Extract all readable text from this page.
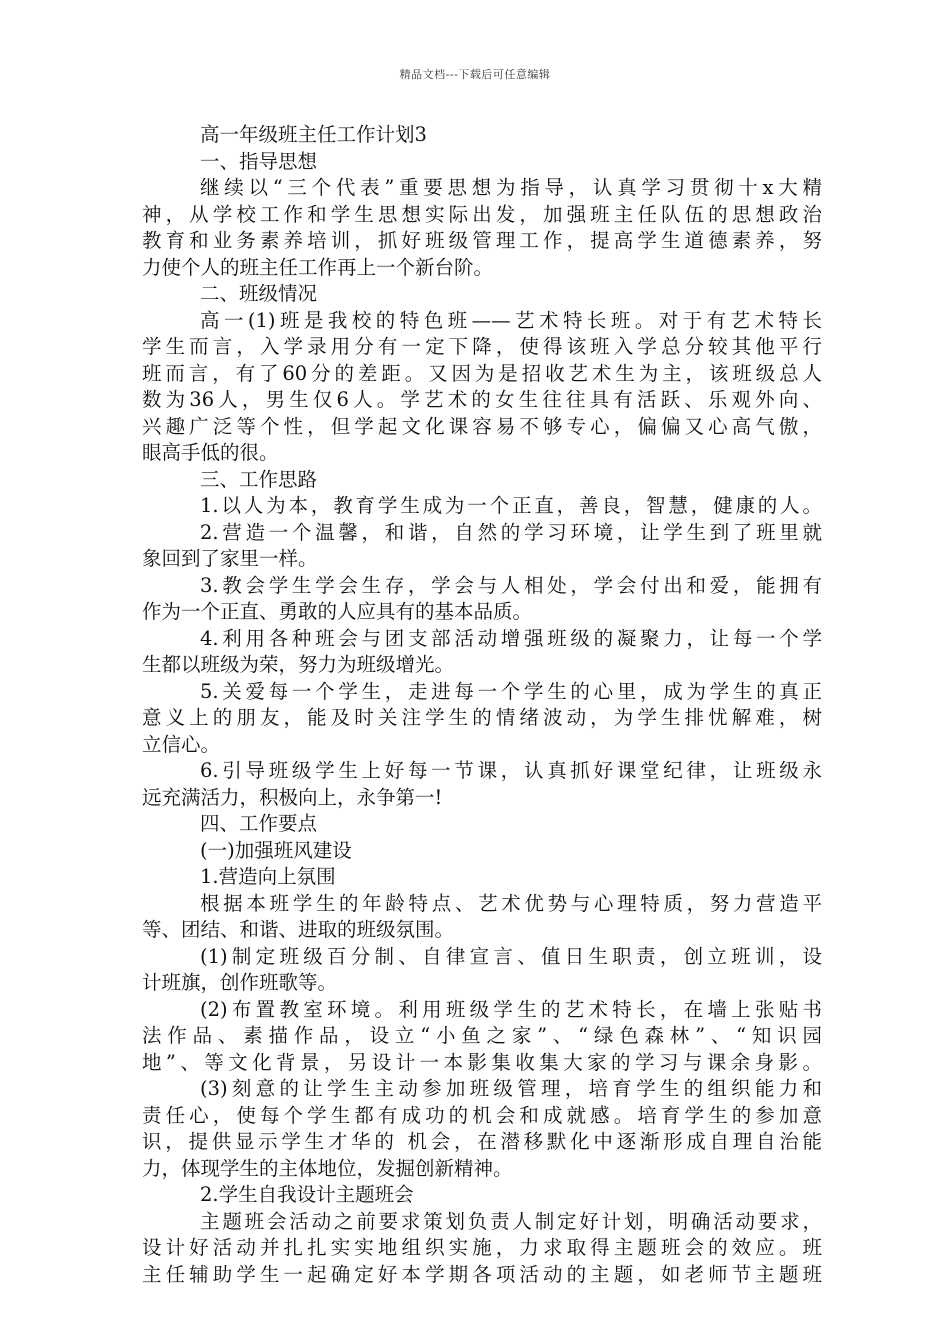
精品文档---下载后可任意编辑
高一年级班主任工作计划3
一、指导思想
继续以“三个代表”重要思想为指导，认真学习贯彻十x大精
神，从学校工作和学生思想实际出发，加强班主任队伍的思想政治
教育和业务素养培训，抓好班级管理工作，提高学生道德素养，努
力使个人的班主任工作再上一个新台阶。
二、班级情况
高一(1)班是我校的特色班——艺术特长班。对于有艺术特长
学生而言，入学录用分有一定下降，使得该班入学总分较其他平行
班而言，有了60分的差距。又因为是招收艺术生为主，该班级总人
数为36人，男生仅6人。学艺术的女生往往具有活跃、乐观外向、
兴趣广泛等个性，但学起文化课容易不够专心，偏偏又心高气傲，
眼高手低的很。
三、工作思路
1.以人为本，教育学生成为一个正直，善良，智慧，健康的人。
2.营造一个温馨，和谐，自然的学习环境，让学生到了班里就
象回到了家里一样。
3.教会学生学会生存，学会与人相处，学会付出和爱，能拥有
作为一个正直、勇敢的人应具有的基本品质。
4.利用各种班会与团支部活动增强班级的凝聚力，让每一个学
生都以班级为荣，努力为班级增光。
5.关爱每一个学生，走进每一个学生的心里，成为学生的真正
意义上的朋友，能及时关注学生的情绪波动，为学生排忧解难，树
立信心。
6.引导班级学生上好每一节课，认真抓好课堂纪律，让班级永
远充满活力，积极向上，永争第一!
四、工作要点
(一)加强班风建设
1.营造向上氛围
根据本班学生的年龄特点、艺术优势与心理特质，努力营造平
等、团结、和谐、进取的班级氛围。
(1)制定班级百分制、自律宣言、值日生职责，创立班训，设
计班旗，创作班歌等。
(2)布置教室环境。利用班级学生的艺术特长，在墙上张贴书
法作品、素描作品，设立“小鱼之家”、“绿色森林”、“知识园
地”、等文化背景，另设计一本影集收集大家的学习与课余身影。
(3)刻意的让学生主动参加班级管理，培育学生的组织能力和
责任心，使每个学生都有成功的机会和成就感。培育学生的参加意
识，提供显示学生才华的 机会，在潜移默化中逐渐形成自理自治能
力，体现学生的主体地位，发掘创新精神。
2.学生自我设计主题班会
主题班会活动之前要求策划负责人制定好计划，明确活动要求，
设计好活动并扎扎实实地组织实施，力求取得主题班会的效应。班
主任辅助学生一起确定好本学期各项活动的主题，如老师节主题班
